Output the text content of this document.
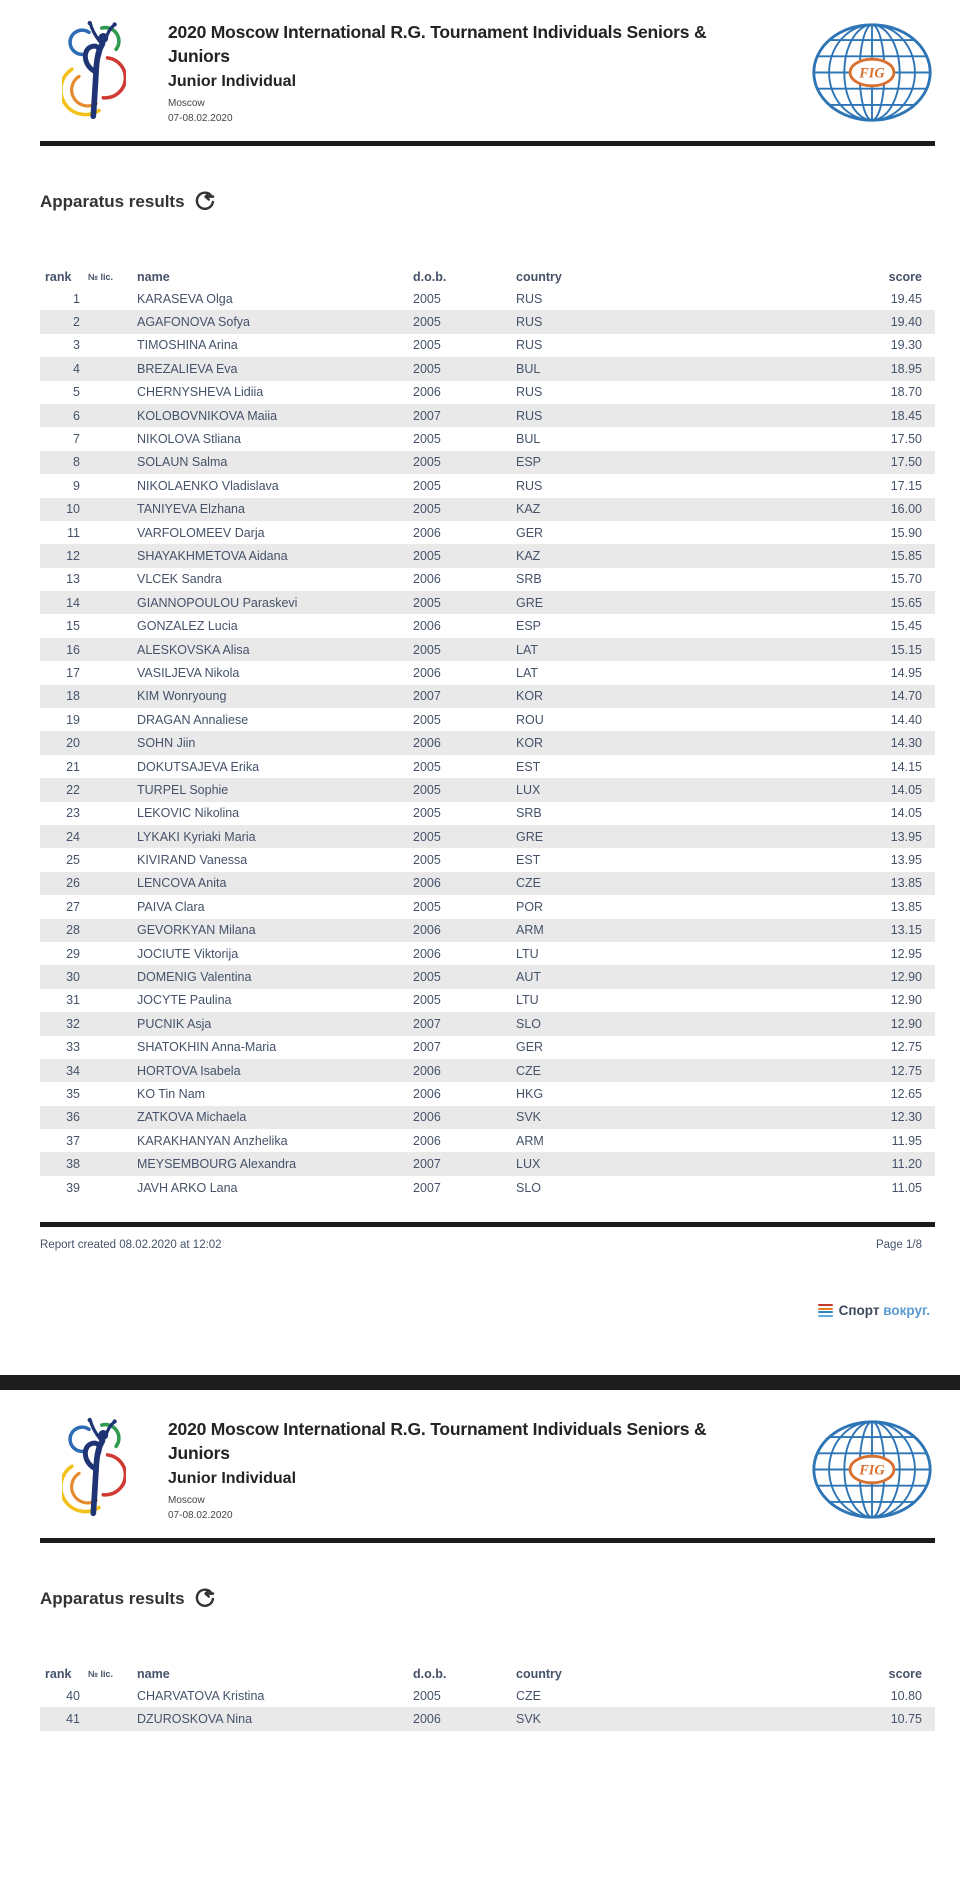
2020 Moscow International R.G. Tournament Individuals Seniors &
Juniors
Junior Individual
Moscow
07-08.02.2020
FIG
Apparatus results
rank	№ lic.	name	d.o.b.	country	score
1	KARASEVA Olga	2005	RUS	19.45
2	AGAFONOVA Sofya	2005	RUS	19.40
3	TIMOSHINA Arina	2005	RUS	19.30
4	BREZALIEVA Eva	2005	BUL	18.95
5	CHERNYSHEVA Lidiia	2006	RUS	18.70
6	KOLOBOVNIKOVA Maiia	2007	RUS	18.45
7	NIKOLOVA Stliana	2005	BUL	17.50
8	SOLAUN Salma	2005	ESP	17.50
9	NIKOLAENKO Vladislava	2005	RUS	17.15
10	TANIYEVA Elzhana	2005	KAZ	16.00
11	VARFOLOMEEV Darja	2006	GER	15.90
12	SHAYAKHMETOVA Aidana	2005	KAZ	15.85
13	VLCEK Sandra	2006	SRB	15.70
14	GIANNOPOULOU Paraskevi	2005	GRE	15.65
15	GONZALEZ Lucia	2006	ESP	15.45
16	ALESKOVSKA Alisa	2005	LAT	15.15
17	VASILJEVA Nikola	2006	LAT	14.95
18	KIM Wonryoung	2007	KOR	14.70
19	DRAGAN Annaliese	2005	ROU	14.40
20	SOHN Jiin	2006	KOR	14.30
21	DOKUTSAJEVA Erika	2005	EST	14.15
22	TURPEL Sophie	2005	LUX	14.05
23	LEKOVIC Nikolina	2005	SRB	14.05
24	LYKAKI Kyriaki Maria	2005	GRE	13.95
25	KIVIRAND Vanessa	2005	EST	13.95
26	LENCOVA Anita	2006	CZE	13.85
27	PAIVA Clara	2005	POR	13.85
28	GEVORKYAN Milana	2006	ARM	13.15
29	JOCIUTE Viktorija	2006	LTU	12.95
30	DOMENIG Valentina	2005	AUT	12.90
31	JOCYTE Paulina	2005	LTU	12.90
32	PUCNIK Asja	2007	SLO	12.90
33	SHATOKHIN Anna-Maria	2007	GER	12.75
34	HORTOVA Isabela	2006	CZE	12.75
35	KO Tin Nam	2006	HKG	12.65
36	ZATKOVA Michaela	2006	SVK	12.30
37	KARAKHANYAN Anzhelika	2006	ARM	11.95
38	MEYSEMBOURG Alexandra	2007	LUX	11.20
39	JAVH ARKO Lana	2007	SLO	11.05
Report created 08.02.2020 at 12:02	Page 1/8
Спорт вокруг.
2020 Moscow International R.G. Tournament Individuals Seniors &
Juniors
Junior Individual
Moscow
07-08.02.2020
FIG
Apparatus results
rank	№ lic.	name	d.o.b.	country	score
40	CHARVATOVA Kristina	2005	CZE	10.80
41	DZUROSKOVA Nina	2006	SVK	10.75
